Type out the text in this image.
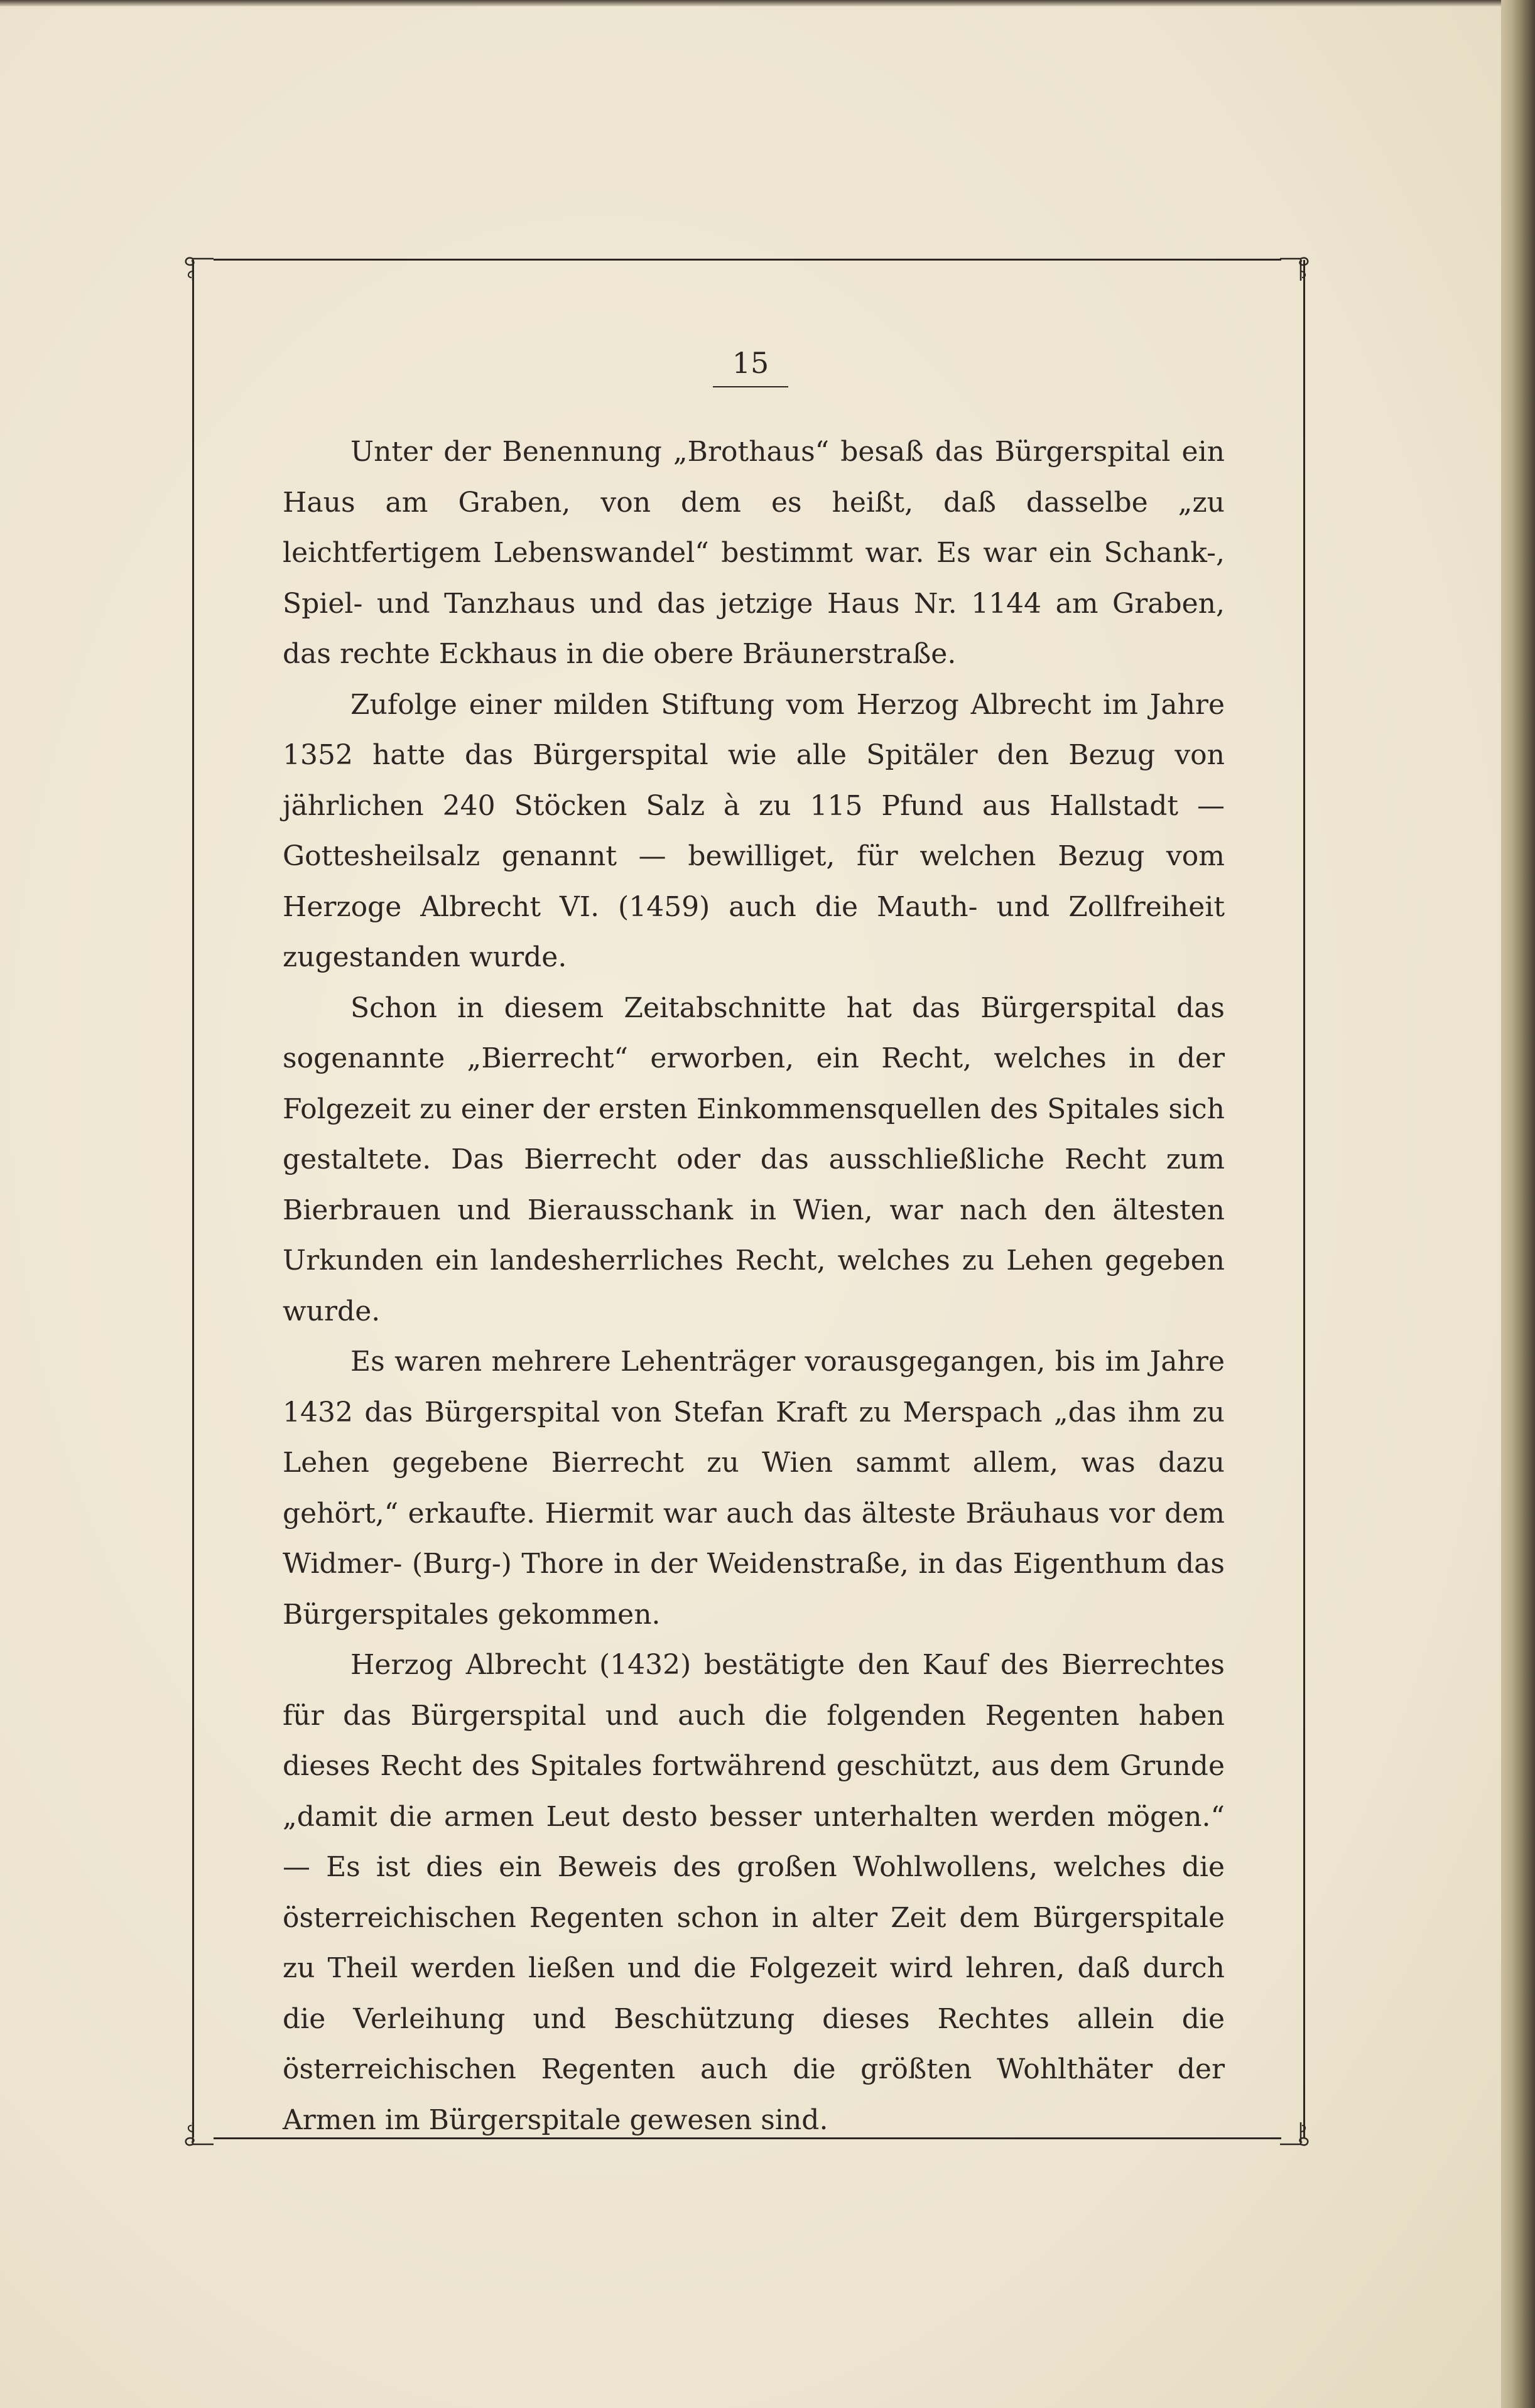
15

Unter der Benennung „Brothaus“ besaß das Bürgerspital ein Haus am Graben, von dem es heißt, daß dasselbe „zu leichtfertigem Lebenswandel“ bestimmt war. Es war ein Schank-, Spiel- und Tanzhaus und das jetzige Haus Nr. 1144 am Graben, das rechte Eckhaus in die obere Bräunerstraße.

Zufolge einer milden Stiftung vom Herzog Albrecht im Jahre 1352 hatte das Bürgerspital wie alle Spitäler den Bezug von jährlichen 240 Stöcken Salz à zu 115 Pfund aus Hallstadt — Gottesheilsalz genannt — bewilliget, für welchen Bezug vom Herzoge Albrecht VI. (1459) auch die Mauth- und Zollfreiheit zugestanden wurde.

Schon in diesem Zeitabschnitte hat das Bürgerspital das sogenannte „Bierrecht“ erworben, ein Recht, welches in der Folgezeit zu einer der ersten Einkommensquellen des Spitales sich gestaltete. Das Bierrecht oder das ausschließliche Recht zum Bierbrauen und Bierausschank in Wien, war nach den ältesten Urkunden ein landesherrliches Recht, welches zu Lehen gegeben wurde.

Es waren mehrere Lehenträger vorausgegangen, bis im Jahre 1432 das Bürgerspital von Stefan Kraft zu Merspach „das ihm zu Lehen gegebene Bierrecht zu Wien sammt allem, was dazu gehört,“ erkaufte. Hiermit war auch das älteste Bräuhaus vor dem Widmer- (Burg-) Thore in der Weidenstraße, in das Eigenthum das Bürgerspitales gekommen.

Herzog Albrecht (1432) bestätigte den Kauf des Bierrechtes für das Bürgerspital und auch die folgenden Regenten haben dieses Recht des Spitales fortwährend geschützt, aus dem Grunde „damit die armen Leut desto besser unterhalten werden mögen.“ — Es ist dies ein Beweis des großen Wohlwollens, welches die österreichischen Regenten schon in alter Zeit dem Bürgerspitale zu Theil werden ließen und die Folgezeit wird lehren, daß durch die Verleihung und Beschützung dieses Rechtes allein die österreichischen Regenten auch die größten Wohlthäter der Armen im Bürgerspitale gewesen sind.
